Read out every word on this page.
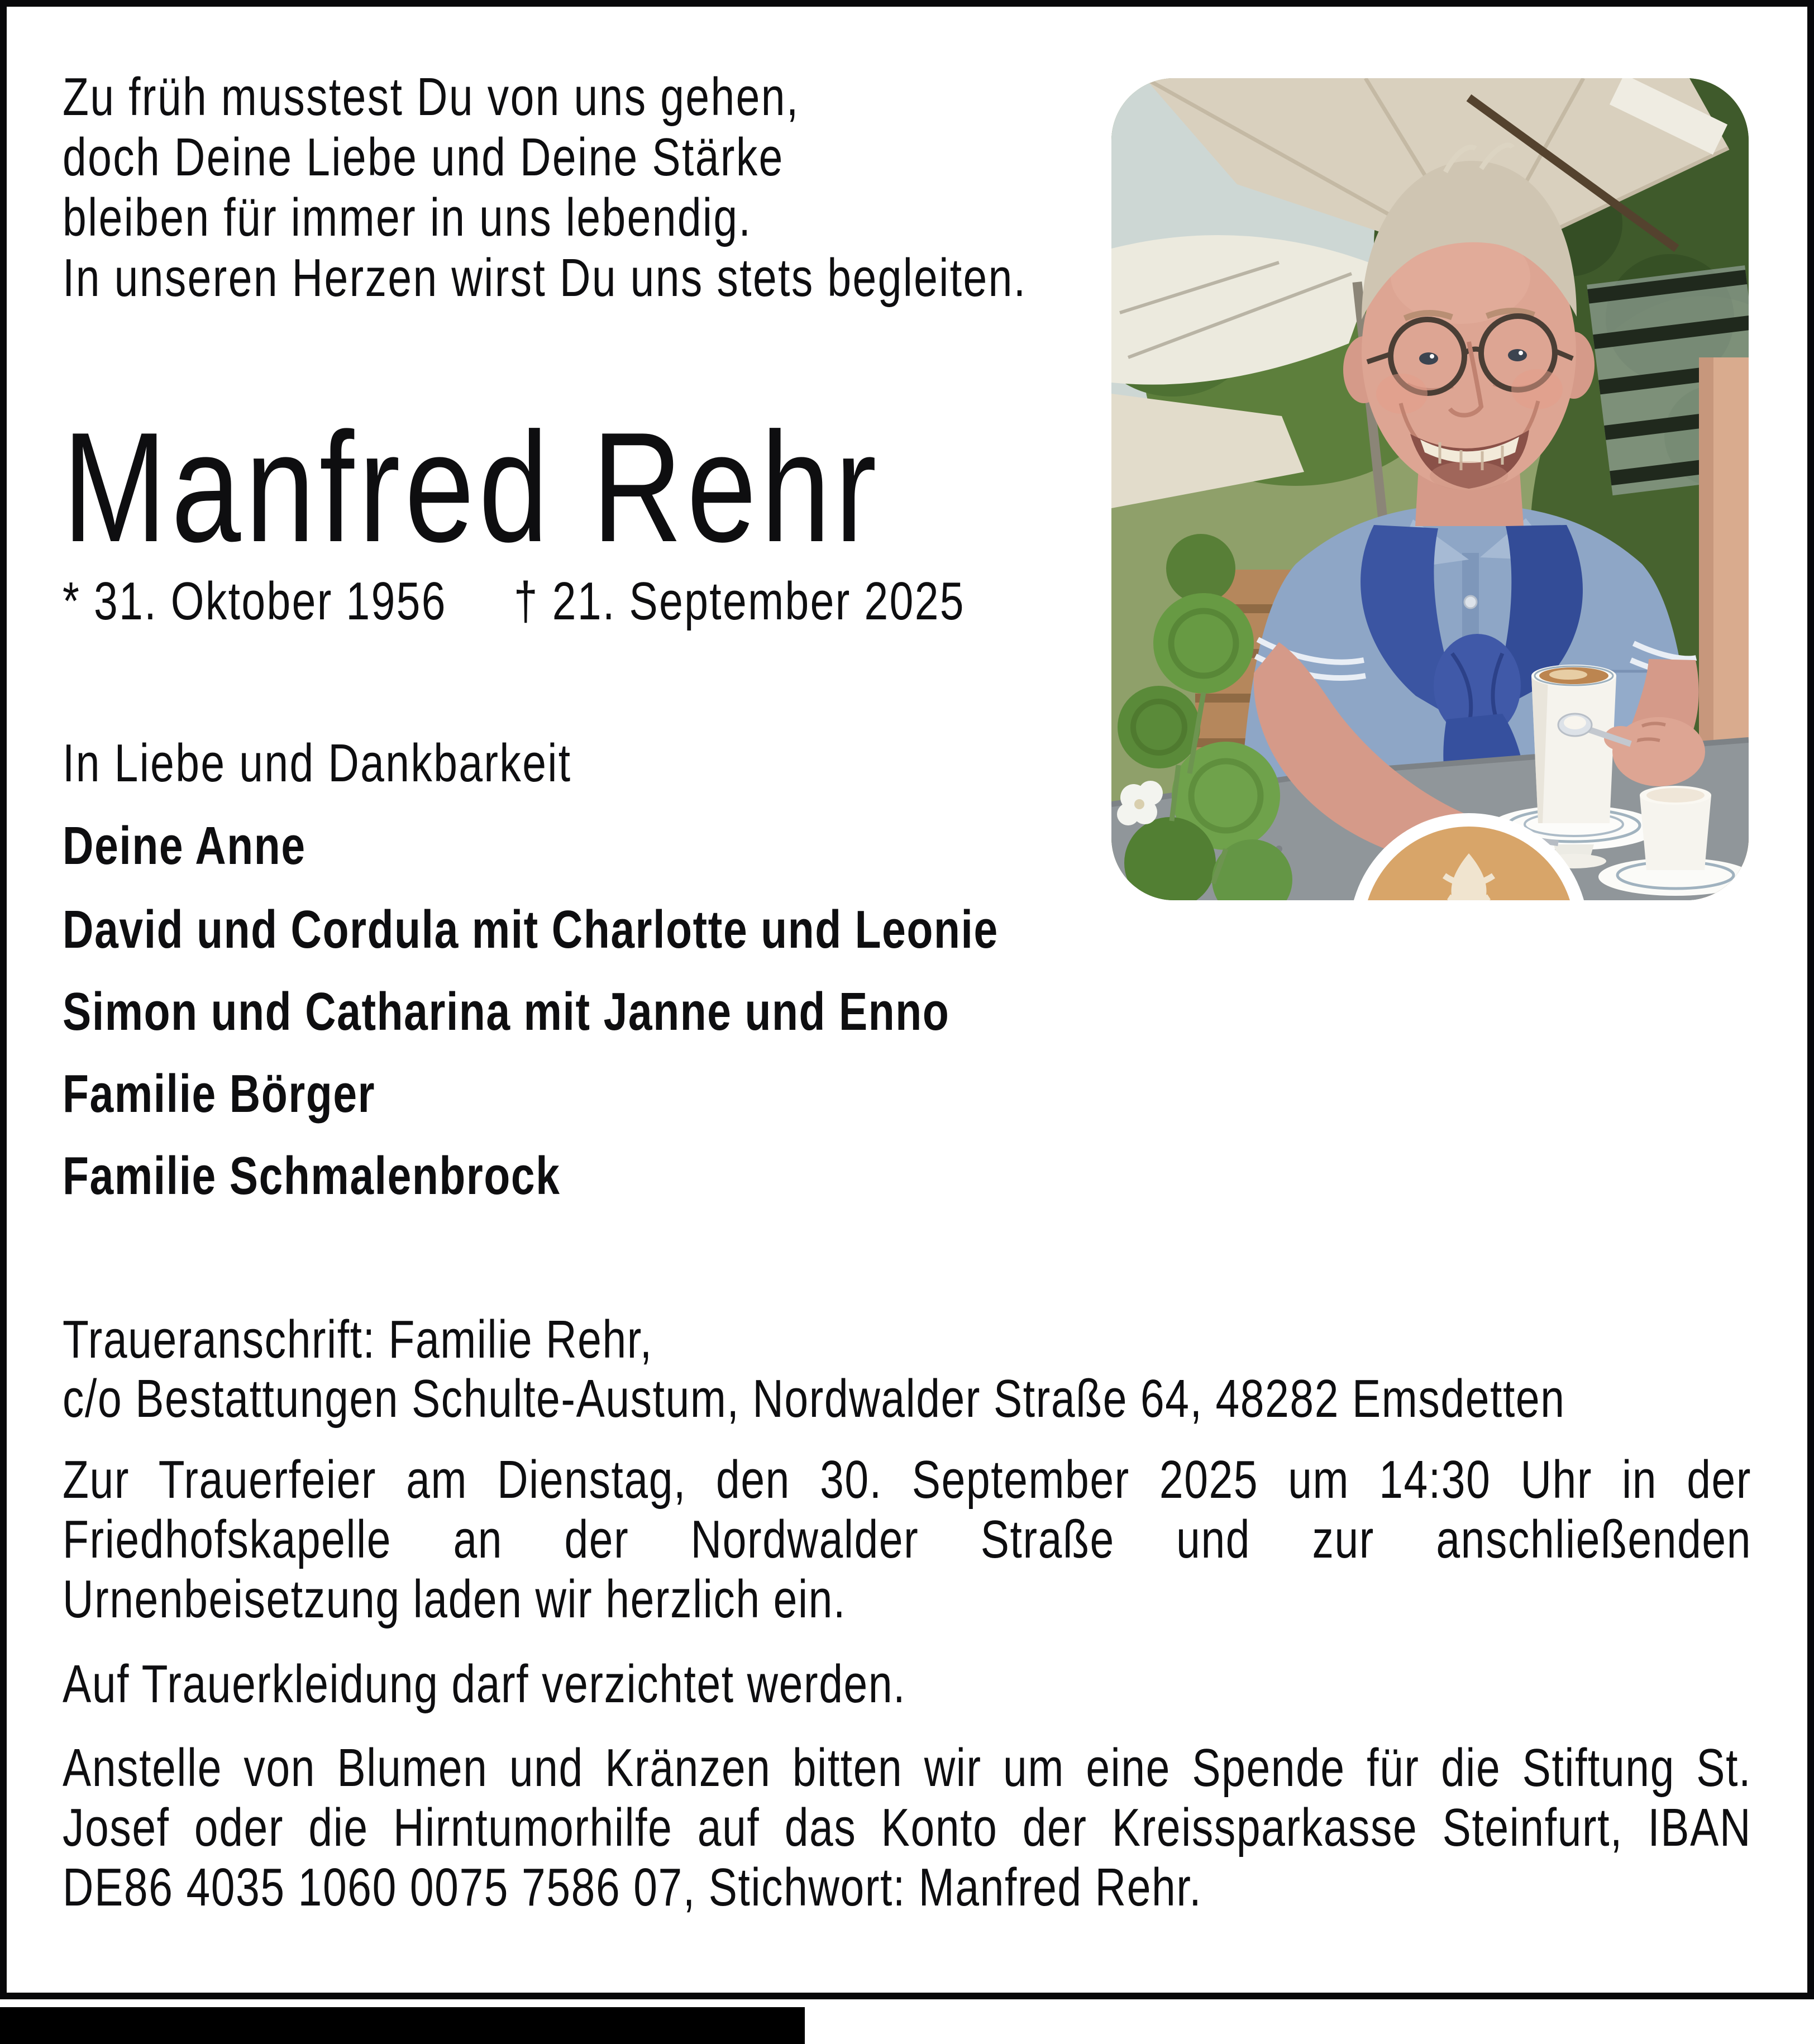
Zu früh musstest Du von uns gehen,
doch Deine Liebe und Deine Stärke
bleiben für immer in uns lebendig.
In unseren Herzen wirst Du uns stets begleiten.
Manfred Rehr
* 31. Oktober 1956 † 21. September 2025
In Liebe und Dankbarkeit
Deine Anne
David und Cordula mit Charlotte und Leonie
Simon und Catharina mit Janne und Enno
Familie Börger
Familie Schmalenbrock
Traueranschrift: Familie Rehr,
c/o Bestattungen Schulte-Austum, Nordwalder Straße 64, 48282 Emsdetten
Zur Trauerfeier am Dienstag, den 30. September 2025 um 14:30 Uhr in der Friedhofskapelle an der Nordwalder Straße und zur anschließenden Urnenbeisetzung laden wir herzlich ein.
Auf Trauerkleidung darf verzichtet werden.
Anstelle von Blumen und Kränzen bitten wir um eine Spende für die Stiftung St. Josef oder die Hirntumorhilfe auf das Konto der Kreissparkasse Steinfurt, IBAN DE86 4035 1060 0075 7586 07, Stichwort: Manfred Rehr.
